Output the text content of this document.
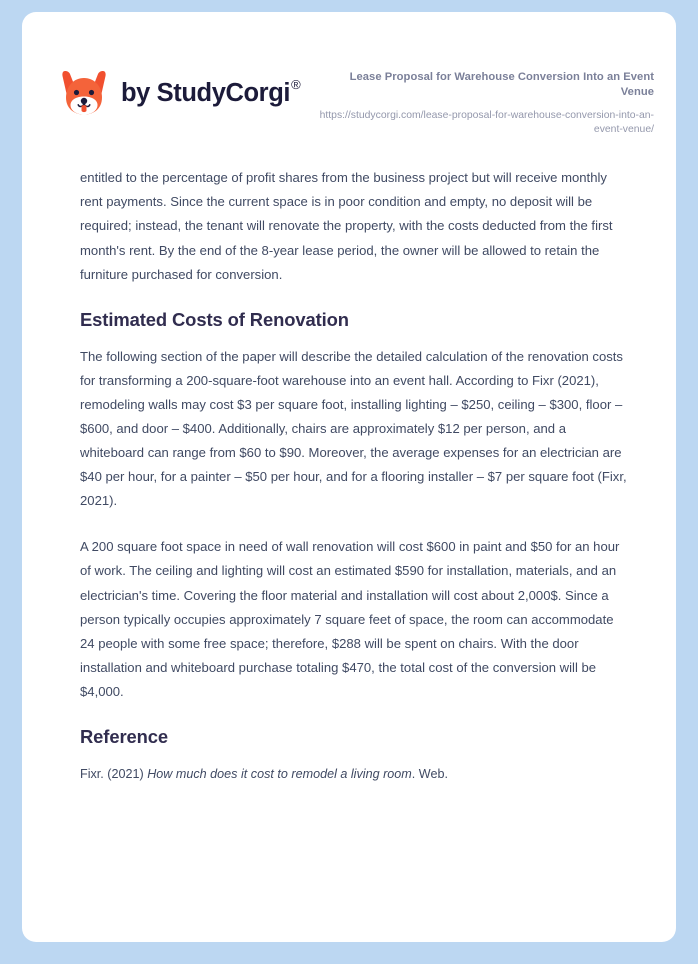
by StudyCorgi®	Lease Proposal for Warehouse Conversion Into an Event Venue
https://studycorgi.com/lease-proposal-for-warehouse-conversion-into-an-event-venue/

entitled to the percentage of profit shares from the business project but will receive monthly rent payments. Since the current space is in poor condition and empty, no deposit will be required; instead, the tenant will renovate the property, with the costs deducted from the first month's rent. By the end of the 8-year lease period, the owner will be allowed to retain the furniture purchased for conversion.

Estimated Costs of Renovation

The following section of the paper will describe the detailed calculation of the renovation costs for transforming a 200-square-foot warehouse into an event hall. According to Fixr (2021), remodeling walls may cost $3 per square foot, installing lighting – $250, ceiling – $300, floor – $600, and door – $400. Additionally, chairs are approximately $12 per person, and a whiteboard can range from $60 to $90. Moreover, the average expenses for an electrician are $40 per hour, for a painter – $50 per hour, and for a flooring installer – $7 per square foot (Fixr, 2021).

A 200 square foot space in need of wall renovation will cost $600 in paint and $50 for an hour of work. The ceiling and lighting will cost an estimated $590 for installation, materials, and an electrician's time. Covering the floor material and installation will cost about 2,000$. Since a person typically occupies approximately 7 square feet of space, the room can accommodate 24 people with some free space; therefore, $288 will be spent on chairs. With the door installation and whiteboard purchase totaling $470, the total cost of the conversion will be $4,000.

Reference

Fixr. (2021) How much does it cost to remodel a living room. Web.
